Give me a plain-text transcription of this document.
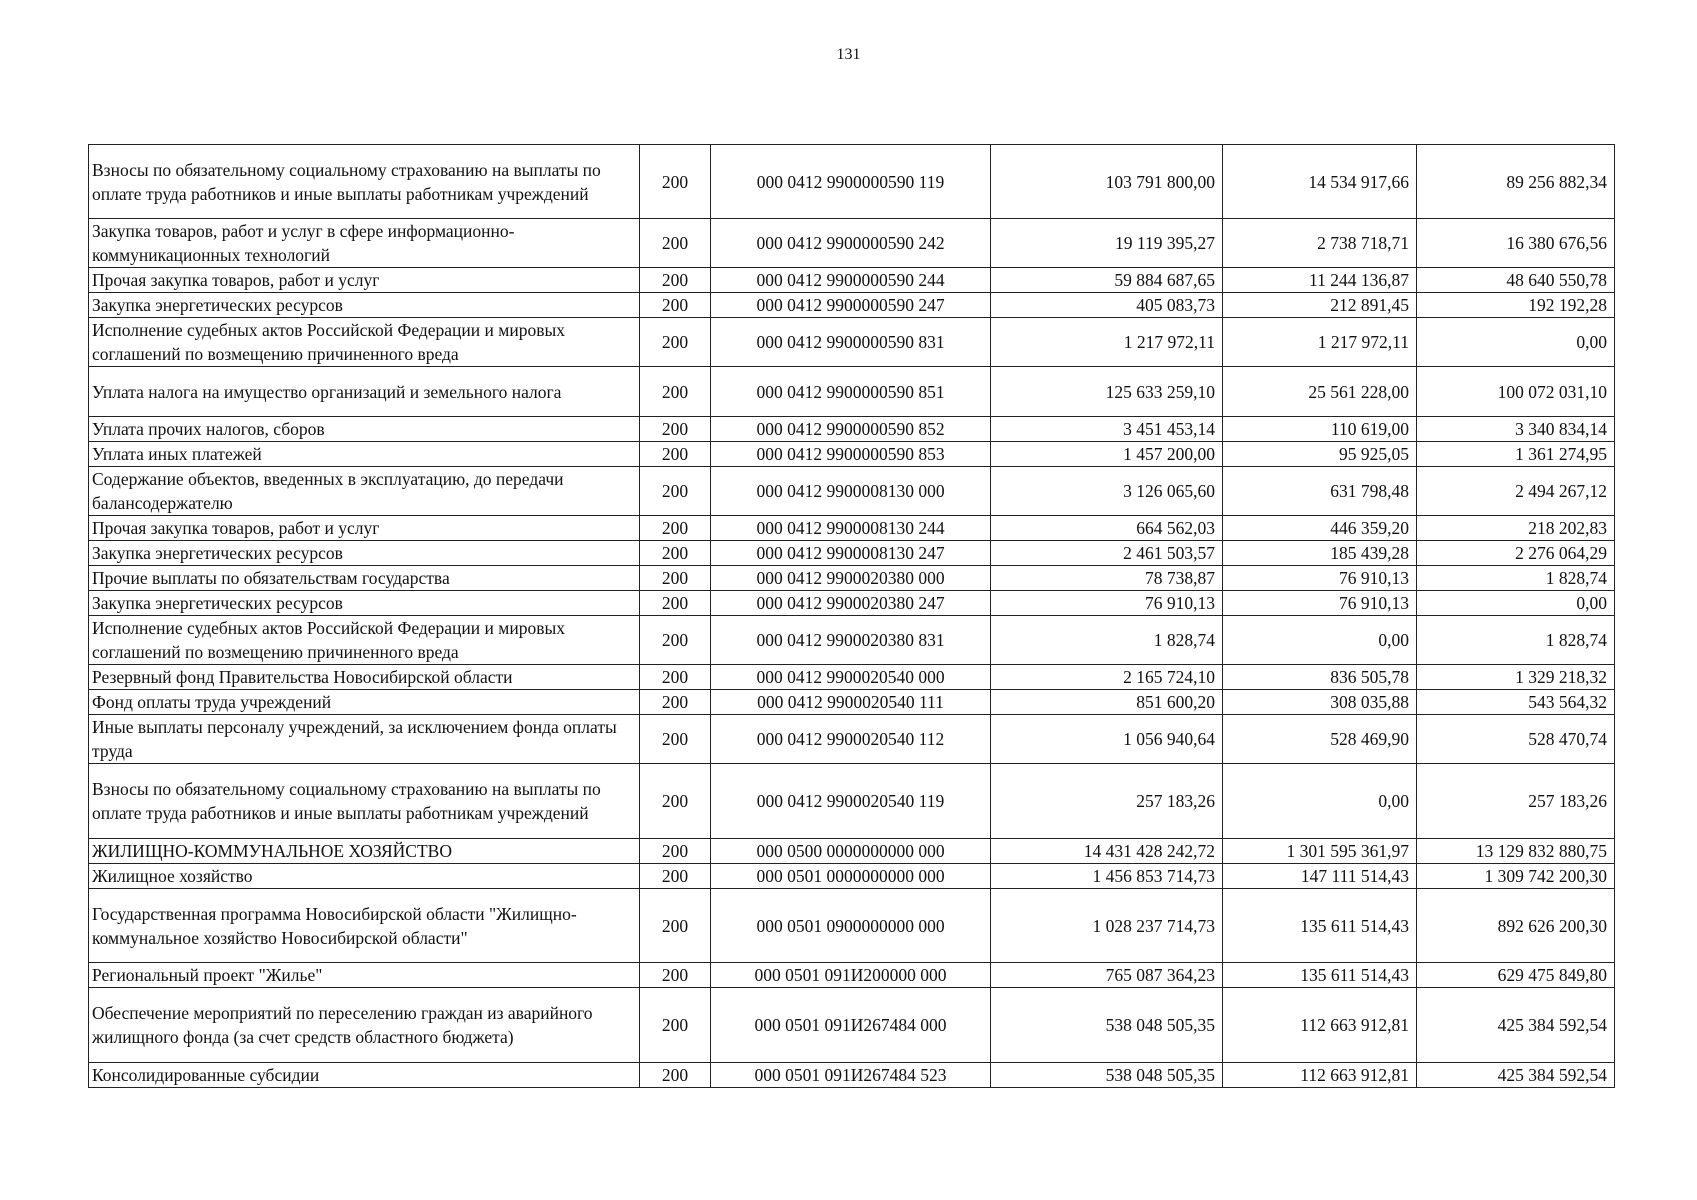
131
Взносы по обязательному социальному страхованию на выплаты по оплате труда работников и иные выплаты работникам учреждений	200	000 0412 9900000590 119	103 791 800,00	14 534 917,66	89 256 882,34
Закупка товаров, работ и услуг в сфере информационно-коммуникационных технологий	200	000 0412 9900000590 242	19 119 395,27	2 738 718,71	16 380 676,56
Прочая закупка товаров, работ и услуг	200	000 0412 9900000590 244	59 884 687,65	11 244 136,87	48 640 550,78
Закупка энергетических ресурсов	200	000 0412 9900000590 247	405 083,73	212 891,45	192 192,28
Исполнение судебных актов Российской Федерации и мировых соглашений по возмещению причиненного вреда	200	000 0412 9900000590 831	1 217 972,11	1 217 972,11	0,00
Уплата налога на имущество организаций и земельного налога	200	000 0412 9900000590 851	125 633 259,10	25 561 228,00	100 072 031,10
Уплата прочих налогов, сборов	200	000 0412 9900000590 852	3 451 453,14	110 619,00	3 340 834,14
Уплата иных платежей	200	000 0412 9900000590 853	1 457 200,00	95 925,05	1 361 274,95
Содержание объектов, введенных в эксплуатацию, до передачи балансодержателю	200	000 0412 9900008130 000	3 126 065,60	631 798,48	2 494 267,12
Прочая закупка товаров, работ и услуг	200	000 0412 9900008130 244	664 562,03	446 359,20	218 202,83
Закупка энергетических ресурсов	200	000 0412 9900008130 247	2 461 503,57	185 439,28	2 276 064,29
Прочие выплаты по обязательствам государства	200	000 0412 9900020380 000	78 738,87	76 910,13	1 828,74
Закупка энергетических ресурсов	200	000 0412 9900020380 247	76 910,13	76 910,13	0,00
Исполнение судебных актов Российской Федерации и мировых соглашений по возмещению причиненного вреда	200	000 0412 9900020380 831	1 828,74	0,00	1 828,74
Резервный фонд Правительства Новосибирской области	200	000 0412 9900020540 000	2 165 724,10	836 505,78	1 329 218,32
Фонд оплаты труда учреждений	200	000 0412 9900020540 111	851 600,20	308 035,88	543 564,32
Иные выплаты персоналу учреждений, за исключением фонда оплаты труда	200	000 0412 9900020540 112	1 056 940,64	528 469,90	528 470,74
Взносы по обязательному социальному страхованию на выплаты по оплате труда работников и иные выплаты работникам учреждений	200	000 0412 9900020540 119	257 183,26	0,00	257 183,26
ЖИЛИЩНО-КОММУНАЛЬНОЕ ХОЗЯЙСТВО	200	000 0500 0000000000 000	14 431 428 242,72	1 301 595 361,97	13 129 832 880,75
Жилищное хозяйство	200	000 0501 0000000000 000	1 456 853 714,73	147 111 514,43	1 309 742 200,30
Государственная программа Новосибирской области "Жилищно-коммунальное хозяйство Новосибирской области"	200	000 0501 0900000000 000	1 028 237 714,73	135 611 514,43	892 626 200,30
Региональный проект "Жилье"	200	000 0501 091И200000 000	765 087 364,23	135 611 514,43	629 475 849,80
Обеспечение мероприятий по переселению граждан из аварийного жилищного фонда (за счет средств областного бюджета)	200	000 0501 091И267484 000	538 048 505,35	112 663 912,81	425 384 592,54
Консолидированные субсидии	200	000 0501 091И267484 523	538 048 505,35	112 663 912,81	425 384 592,54
